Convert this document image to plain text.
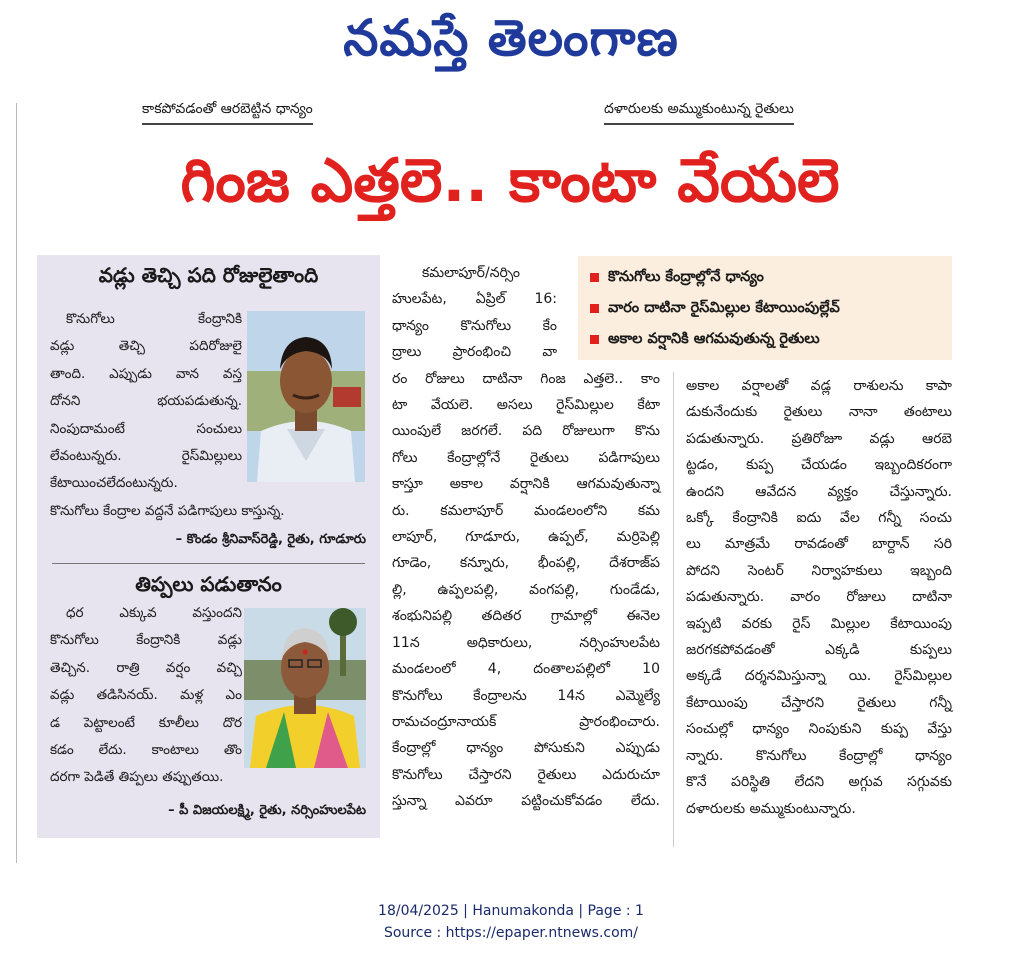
నమస్తే తెలంగాణ
కాకపోవడంతో ఆరబెట్టిన ధాన్యం	దళారులకు అమ్ముకుంటున్న రైతులు
గింజ ఎత్తలె.. కాంటా వేయలె
వడ్లు తెచ్చి పది రోజులైతాంది
కొనుగోలు కేంద్రానికి
వడ్లు తెచ్చి పదిరోజులై
తాంది. ఎప్పుడు వాన వస్త
దోనని భయపడుతున్న.
నింపుదామంటే సంచులు
లేవంటున్నరు. రైస్‌మిల్లులు
కేటాయించలేదంటున్నరు.
కొనుగోలు కేంద్రాల వద్దనే పడిగాపులు కాస్తున్న.
– కొండం శ్రీనివాస్‌రెడ్డి, రైతు, గూడూరు
తిప్పలు పడుతానం
ధర ఎక్కువ వస్తుందని
కొనుగోలు కేంద్రానికి వడ్లు
తెచ్చిన. రాత్రి వర్షం వచ్చి
వడ్లు తడిసినయ్‌. మళ్ల ఎం
డ పెట్టాలంటే కూలీలు దొర
కడం లేదు. కాంటాలు తొం
దరగా పెడితే తిప్పలు తప్పుతయి.
– పీ విజయలక్ష్మి, రైతు, నర్సింహులపేట
కొనుగోలు కేంద్రాల్లోనే ధాన్యం
వారం దాటినా రైస్‌మిల్లుల కేటాయింపుల్లేవ్‌
అకాల వర్షానికి ఆగమవుతున్న రైతులు
కమలాపూర్‌/నర్సిం
హులపేట, ఏప్రిల్‌ 16:
ధాన్యం కొనుగోలు కేం
ద్రాలు ప్రారంభించి వా
రం రోజులు దాటినా గింజ ఎత్తలె.. కాం
టా వేయలె. అసలు రైస్‌మిల్లుల కేటా
యింపులే జరగలే. పది రోజులుగా కొను
గోలు కేంద్రాల్లోనే రైతులు పడిగాపులు
కాస్తూ అకాల వర్షానికి ఆగమవుతున్నా
రు. కమలాపూర్‌ మండలంలోని కమ
లాపూర్‌, గూడూరు, ఉప్పల్‌, మర్రిపెల్లి
గూడెం, కన్నూరు, భీంపల్లి, దేశరాజ్‌ప
ల్లి, ఉప్పలపల్లి, వంగపల్లి, గుండేడు,
శంభునిపల్లి తదితర గ్రామాల్లో ఈనెల
11న అధికారులు, నర్సింహులపేట
మండలంలో 4, దంతాలపల్లిలో 10
కొనుగోలు కేంద్రాలను 14న ఎమ్మెల్యే
రామచంద్రూనాయక్‌ ప్రారంభించారు.
కేంద్రాల్లో ధాన్యం పోసుకుని ఎప్పుడు
కొనుగోలు చేస్తారని రైతులు ఎదురుచూ
స్తున్నా ఎవరూ పట్టించుకోవడం లేదు.
అకాల వర్షాలతో వడ్ల రాశులను కాపా
డుకునేందుకు రైతులు నానా తంటాలు
పడుతున్నారు. ప్రతిరోజూ వడ్లు ఆరబె
ట్టడం, కుప్ప చేయడం ఇబ్బందికరంగా
ఉందని ఆవేదన వ్యక్తం చేస్తున్నారు.
ఒక్కో కేంద్రానికి ఐదు వేల గన్నీ సంచు
లు మాత్రమే రావడంతో బార్దాన్‌ సరి
పోదని సెంటర్‌ నిర్వాహకులు ఇబ్బంది
పడుతున్నారు. వారం రోజులు దాటినా
ఇప్పటి వరకు రైస్‌ మిల్లుల కేటాయింపు
జరగకపోవడంతో ఎక్కడి కుప్పలు
అక్కడే దర్శనమిస్తున్నా యి. రైస్‌మిల్లుల
కేటాయింపు చేస్తారని రైతులు గన్నీ
సంచుల్లో ధాన్యం నింపుకుని కుప్ప వేస్తు
న్నారు. కొనుగోలు కేంద్రాల్లో ధాన్యం
కొనే పరిస్థితి లేదని అగ్గువ సగ్గువకు
దళారులకు అమ్ముకుంటున్నారు.
18/04/2025 | Hanumakonda | Page : 1
Source : https://epaper.ntnews.com/
